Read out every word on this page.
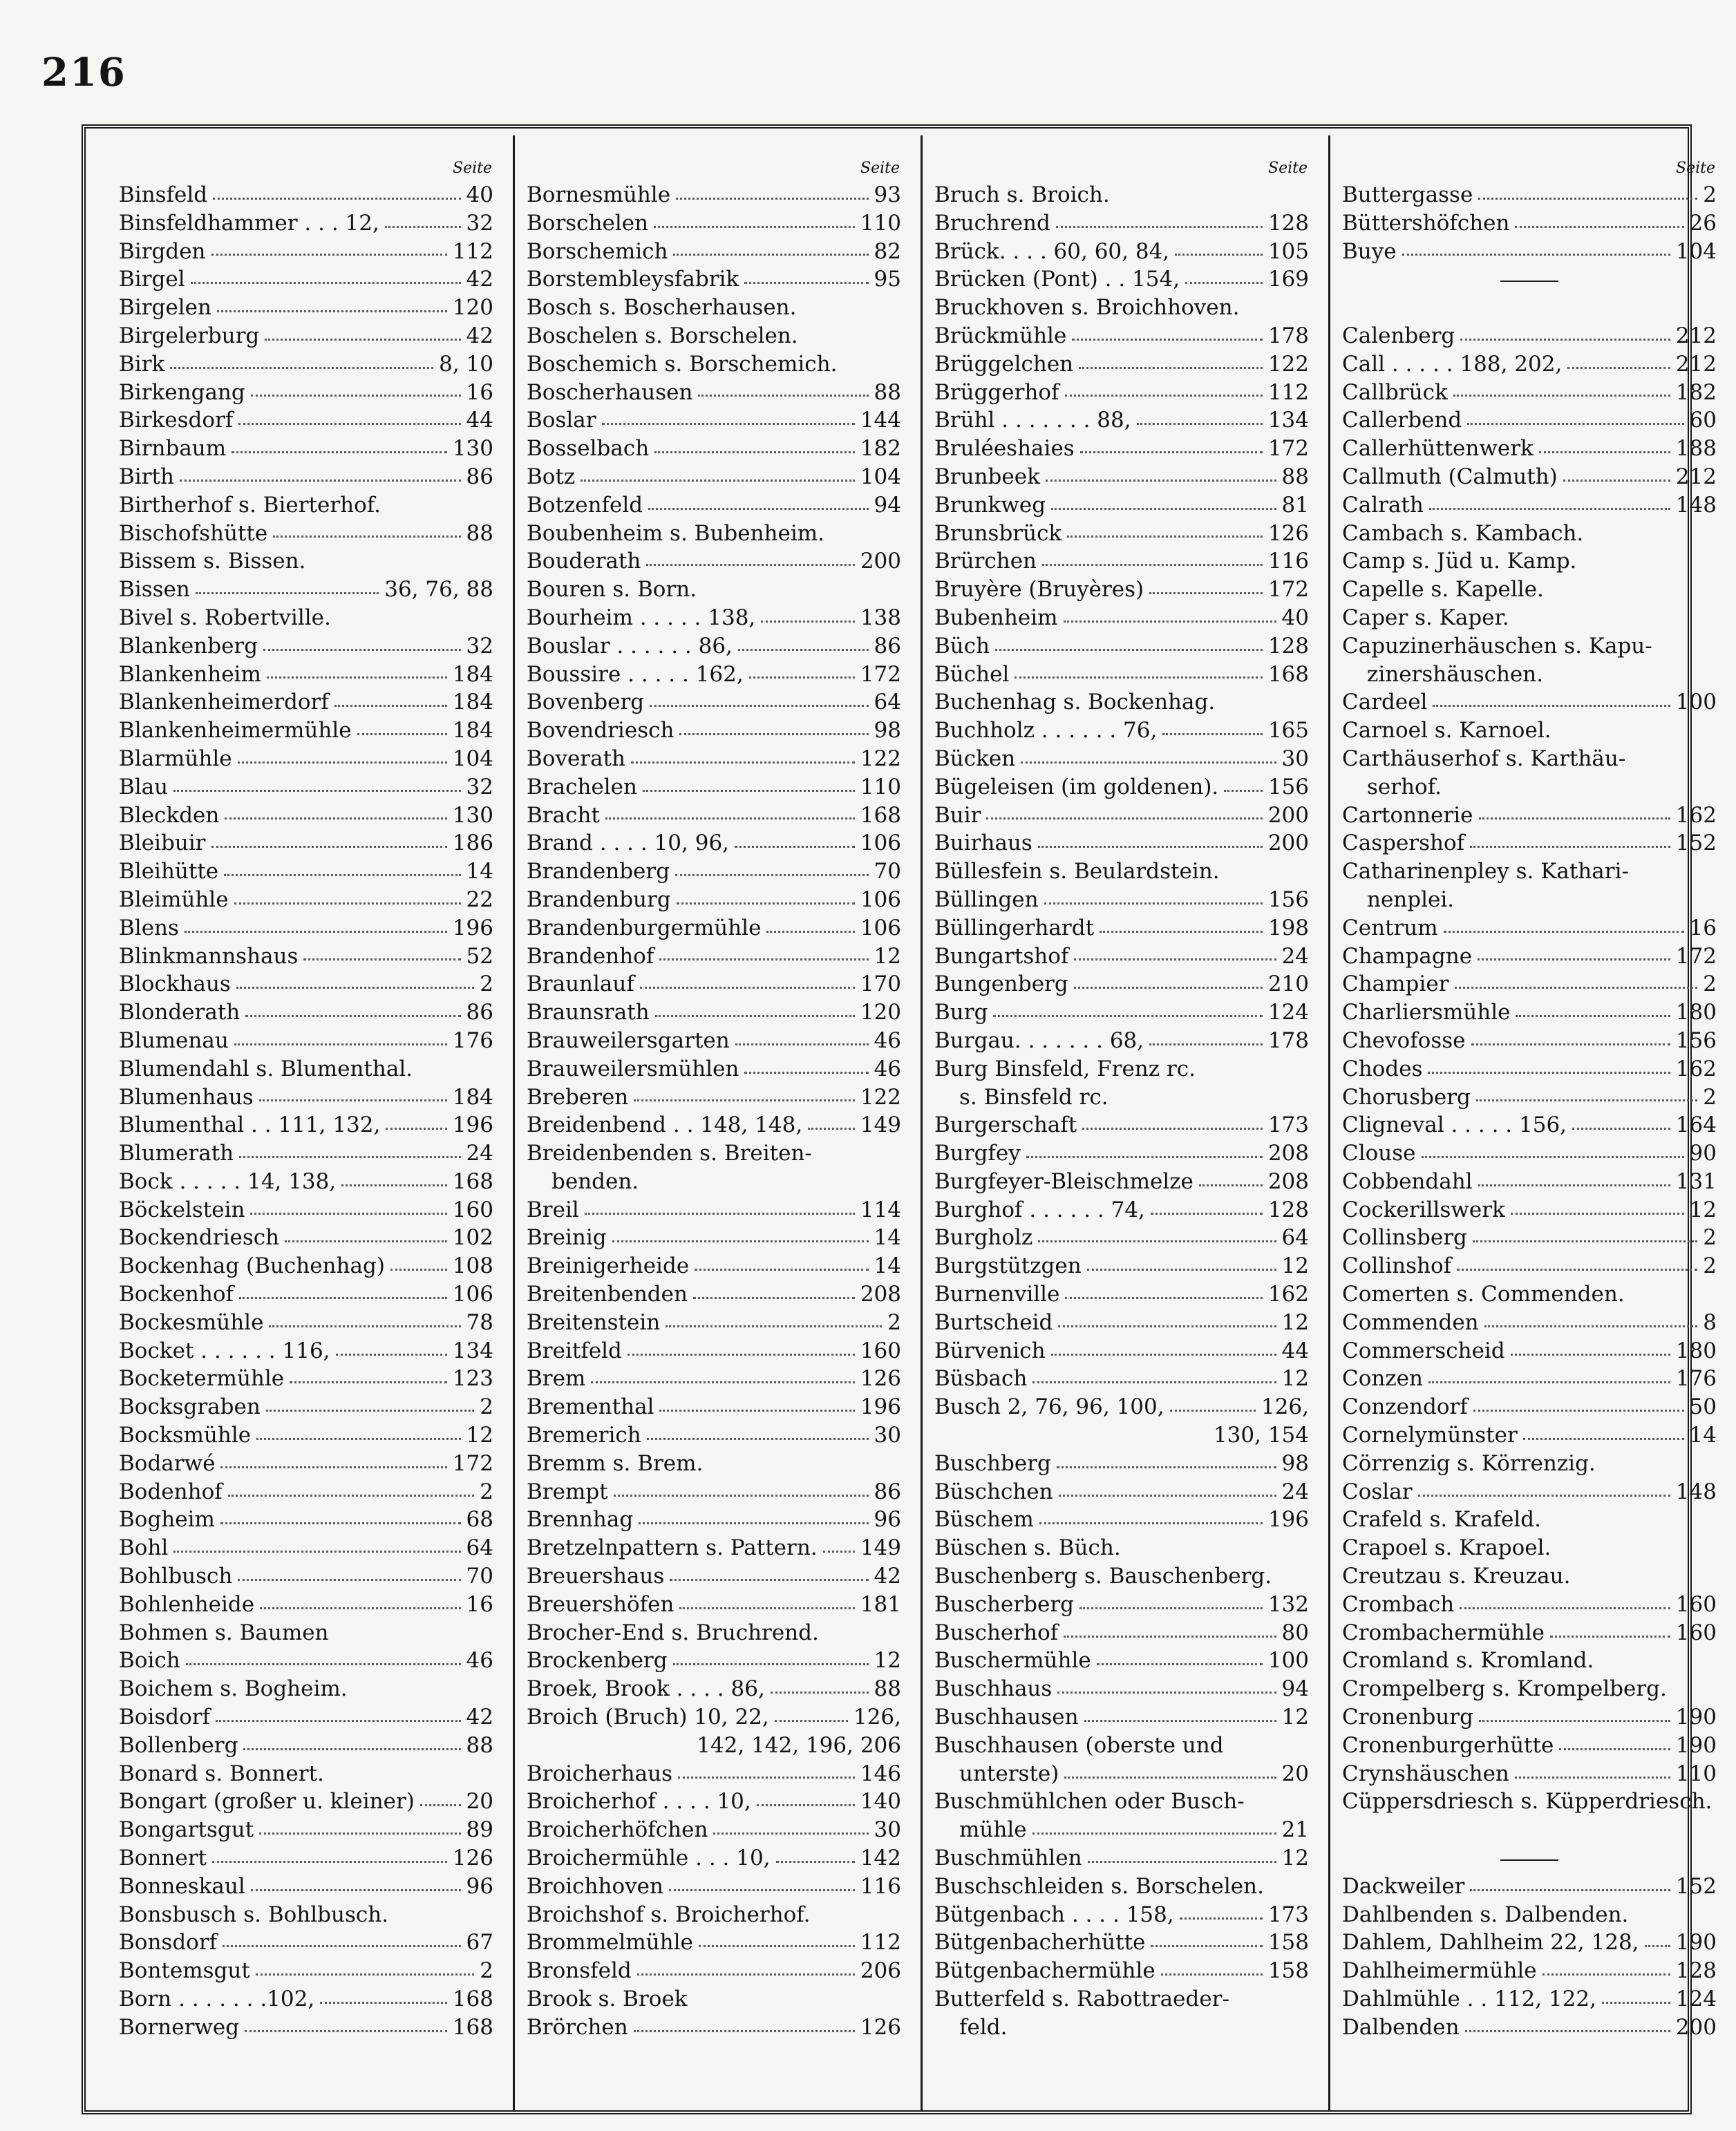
216
Seite
Binsfeld	40
Binsfeldhammer . . . 12,	32
Birgden	112
Birgel	42
Birgelen	120
Birgelerburg	42
Birk	8, 10
Birkengang	16
Birkesdorf	44
Birnbaum	130
Birth	86
Birtherhof s. Bierterhof.
Bischofshütte	88
Bissem s. Bissen.
Bissen	36, 76, 88
Bivel s. Robertville.
Blankenberg	32
Blankenheim	184
Blankenheimerdorf	184
Blankenheimermühle	184
Blarmühle	104
Blau	32
Bleckden	130
Bleibuir	186
Bleihütte	14
Bleimühle	22
Blens	196
Blinkmannshaus	52
Blockhaus	2
Blonderath	86
Blumenau	176
Blumendahl s. Blumenthal.
Blumenhaus	184
Blumenthal . . 111, 132,	196
Blumerath	24
Bock . . . . . 14, 138,	168
Böckelstein	160
Bockendriesch	102
Bockenhag (Buchenhag)	108
Bockenhof	106
Bockesmühle	78
Bocket . . . . . . 116,	134
Bocketermühle	123
Bocksgraben	2
Bocksmühle	12
Bodarwé	172
Bodenhof	2
Bogheim	68
Bohl	64
Bohlbusch	70
Bohlenheide	16
Bohmen s. Baumen
Boich	46
Boichem s. Bogheim.
Boisdorf	42
Bollenberg	88
Bonard s. Bonnert.
Bongart (großer u. kleiner) 20
Bongartsgut	89
Bonnert	126
Bonneskaul	96
Bonsbusch s. Bohlbusch.
Bonsdorf	67
Bontemsgut	2
Born . . . . . . .102,	168
Bornerweg	168
Seite
Bornesmühle	93
Borschelen	110
Borschemich	82
Borstembleysfabrik	95
Bosch s. Boscherhausen.
Boschelen s. Borschelen.
Boschemich s. Borschemich.
Boscherhausen	88
Boslar	144
Bosselbach	182
Botz	104
Botzenfeld	94
Boubenheim s. Bubenheim.
Bouderath	200
Bouren s. Born.
Bourheim . . . . . 138,	138
Bouslar . . . . . . 86,	86
Boussire . . . . . 162,	172
Bovenberg	64
Bovendriesch	98
Boverath	122
Brachelen	110
Bracht	168
Brand . . . . 10, 96,	106
Brandenberg	70
Brandenburg	106
Brandenburgermühle	106
Brandenhof	12
Braunlauf	170
Braunsrath	120
Brauweilersgarten	46
Brauweilersmühlen	46
Breberen	122
Breidenbend . . 148, 148,	149
Breidenbenden s. Breiten-
benden.
Breil	114
Breinig	14
Breinigerheide	14
Breitenbenden	208
Breitenstein	2
Breitfeld	160
Brem	126
Brementhal	196
Bremerich	30
Bremm s. Brem.
Brempt	86
Brennhag	96
Bretzelnpattern s. Pattern. 149
Breuershaus	42
Breuershöfen	181
Brocher-End s. Bruchrend.
Brockenberg	12
Broek, Brook . . . . 86,	88
Broich (Bruch) 10, 22,	126,
142, 142, 196, 206
Broicherhaus	146
Broicherhof . . . . 10,	140
Broicherhöfchen	30
Broichermühle . . . 10,	142
Broichhoven	116
Broichshof s. Broicherhof.
Brommelmühle	112
Bronsfeld	206
Brook s. Broek
Brörchen	126
Seite
Bruch s. Broich.
Bruchrend	128
Brück. . . . 60, 60, 84,	105
Brücken (Pont) . . 154,	169
Bruckhoven s. Broichhoven.
Brückmühle	178
Brüggelchen	122
Brüggerhof	112
Brühl . . . . . . . 88,	134
Bruléeshaies	172
Brunbeek	88
Brunkweg	81
Brunsbrück	126
Brürchen	116
Bruyère (Bruyères)	172
Bubenheim	40
Büch	128
Büchel	168
Buchenhag s. Bockenhag.
Buchholz . . . . . . 76,	165
Bücken	30
Bügeleisen (im goldenen). 156
Buir	200
Buirhaus	200
Büllesfein s. Beulardstein.
Büllingen	156
Büllingerhardt	198
Bungartshof	24
Bungenberg	210
Burg	124
Burgau. . . . . . . 68,	178
Burg Binsfeld, Frenz rc.
s. Binsfeld rc.
Burgerschaft	173
Burgfey	208
Burgfeyer-Bleischmelze	208
Burghof . . . . . . 74,	128
Burgholz	64
Burgstützgen	12
Burnenville	162
Burtscheid	12
Bürvenich	44
Büsbach	12
Busch 2, 76, 96, 100,	126,
130, 154
Buschberg	98
Büschchen	24
Büschem	196
Büschen s. Büch.
Buschenberg s. Bauschenberg.
Buscherberg	132
Buscherhof	80
Buschermühle	100
Buschhaus	94
Buschhausen	12
Buschhausen (oberste und
unterste)	20
Buschmühlchen oder Busch-
mühle	21
Buschmühlen	12
Buschschleiden s. Borschelen.
Bütgenbach . . . . 158,	173
Bütgenbacherhütte	158
Bütgenbachermühle	158
Butterfeld s. Rabottraeder-
feld.
Seite
Buttergasse	2
Büttershöfchen	26
Buye	104
Calenberg	212
Call . . . . . 188, 202,	212
Callbrück	182
Callerbend	60
Callerhüttenwerk	188
Callmuth (Calmuth)	212
Calrath	148
Cambach s. Kambach.
Camp s. Jüd u. Kamp.
Capelle s. Kapelle.
Caper s. Kaper.
Capuzinerhäuschen s. Kapu-
zinershäuschen.
Cardeel	100
Carnoel s. Karnoel.
Carthäuserhof s. Karthäu-
serhof.
Cartonnerie	162
Caspershof	152
Catharinenpley s. Kathari-
nenplei.
Centrum	16
Champagne	172
Champier	2
Charliersmühle	180
Chevofosse	156
Chodes	162
Chorusberg	2
Cligneval . . . . . 156,	164
Clouse	90
Cobbendahl	131
Cockerillswerk	12
Collinsberg	2
Collinshof	2
Comerten s. Commenden.
Commenden	8
Commerscheid	180
Conzen	176
Conzendorf	50
Cornelymünster	14
Cörrenzig s. Körrenzig.
Coslar	148
Crafeld s. Krafeld.
Crapoel s. Krapoel.
Creutzau s. Kreuzau.
Crombach	160
Crombachermühle	160
Cromland s. Kromland.
Crompelberg s. Krompelberg.
Cronenburg	190
Cronenburgerhütte	190
Crynshäuschen	110
Cüppersdriesch s. Küpperdriesch.
Dackweiler	152
Dahlbenden s. Dalbenden.
Dahlem, Dahlheim 22, 128, 190
Dahlheimermühle	128
Dahlmühle . . 112, 122,	124
Dalbenden	200
